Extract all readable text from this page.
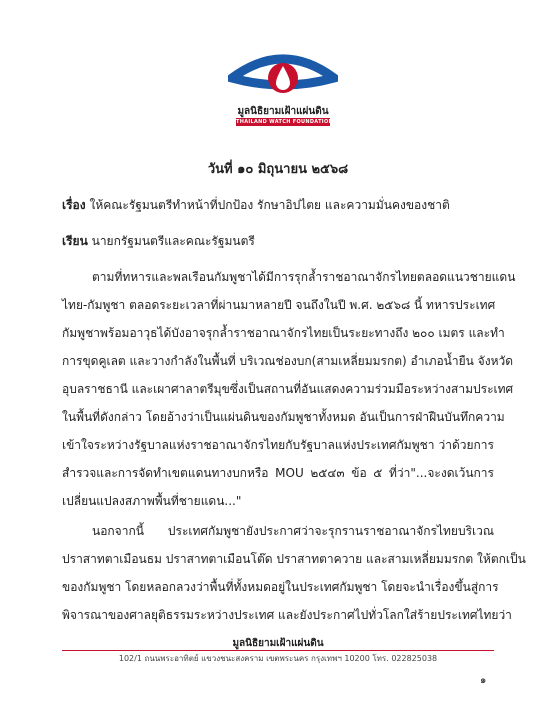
มูลนิธิยามเฝ้าแผ่นดิน
THAILAND WATCH FOUNDATION
วันที่ ๑๐ มิถุนายน ๒๕๖๘
เรื่อง ให้คณะรัฐมนตรีทำหน้าที่ปกป้อง รักษาอิปไตย และความมั่นคงของชาติ
เรียน นายกรัฐมนตรีและคณะรัฐมนตรี
ตามที่ทหารและพลเรือนกัมพูชาได้มีการรุกล้ำราชอาณาจักรไทยตลอดแนวชายแดน
ไทย-กัมพูชา ตลอดระยะเวลาที่ผ่านมาหลายปี จนถึงในปี พ.ศ. ๒๕๖๘ นี้ ทหารประเทศ
กัมพูชาพร้อมอาวุธได้บังอาจรุกล้ำราชอาณาจักรไทยเป็นระยะทางถึง ๒๐๐ เมตร และทำ
การขุดคูเลต และวางกำลังในพื้นที่ บริเวณช่องบก(สามเหลี่ยมมรกต) อำเภอน้ำยืน จังหวัด
อุบลราชธานี และเผาศาลาตรีมุขซึ่งเป็นสถานที่อันแสดงความร่วมมือระหว่างสามประเทศ
ในพื้นที่ดังกล่าว โดยอ้างว่าเป็นแผ่นดินของกัมพูชาทั้งหมด อันเป็นการฝ่าฝืนบันทึกความ
เข้าใจระหว่างรัฐบาลแห่งราชอาณาจักรไทยกับรัฐบาลแห่งประเทศกัมพูชา ว่าด้วยการ
สำรวจและการจัดทำเขตแดนทางบกหรือ MOU ๒๕๔๓ ข้อ ๕ ที่ว่า"...จะงดเว้นการ
เปลี่ยนแปลงสภาพพื้นที่ชายแดน..."
นอกจากนี้ ประเทศกัมพูชายังประกาศว่าจะรุกรานราชอาณาจักรไทยบริเวณ
ปราสาทตาเมือนธม ปราสาทตาเมือนโต๊ด ปราสาทตาควาย และสามเหลี่ยมมรกต ให้ตกเป็น
ของกัมพูชา โดยหลอกลวงว่าพื้นที่ทั้งหมดอยู่ในประเทศกัมพูชา โดยจะนำเรื่องขึ้นสู่การ
พิจารณาของศาลยุติธรรมระหว่างประเทศ และยังประกาศไปทั่วโลกใส่ร้ายประเทศไทยว่า
มูลนิธิยามเฝ้าแผ่นดิน
102/1 ถนนพระอาทิตย์ แขวงชนะสงคราม เขตพระนคร กรุงเทพฯ 10200 โทร. 022825038
๑
